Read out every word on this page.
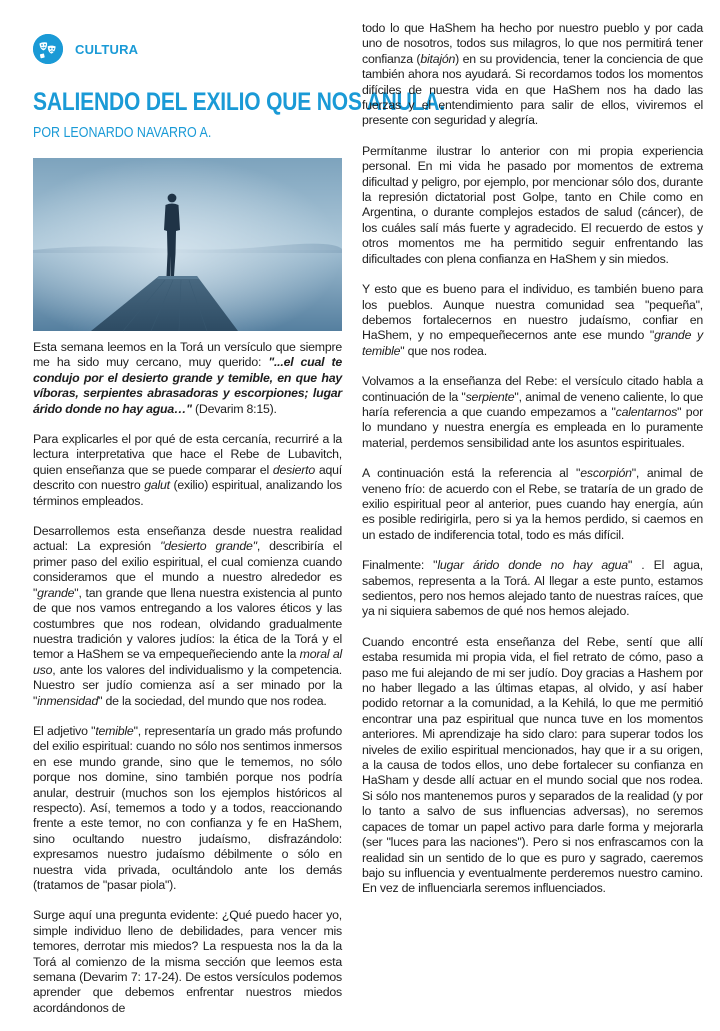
CULTURA
SALIENDO DEL EXILIO QUE NOS ANULA.
POR LEONARDO NAVARRO A.

Esta semana leemos en la Torá un versículo que siempre me ha sido muy cercano, muy querido: "...el cual te condujo por el desierto grande y temible, en que hay víboras, serpientes abrasadoras y escorpiones; lugar árido donde no hay agua…" (Devarim 8:15).

Para explicarles el por qué de esta cercanía, recurriré a la lectura interpretativa que hace el Rebe de Lubavitch, quien enseñanza que se puede comparar el desierto aquí descrito con nuestro galut (exilio) espiritual, analizando los términos empleados.

Desarrollemos esta enseñanza desde nuestra realidad actual: La expresión "desierto grande", describiría el primer paso del exilio espiritual, el cual comienza cuando consideramos que el mundo a nuestro alrededor es "grande", tan grande que llena nuestra existencia al punto de que nos vamos entregando a los valores éticos y las costumbres que nos rodean, olvidando gradualmente nuestra tradición y valores judíos: la ética de la Torá y el temor a HaShem se va empequeñeciendo ante la moral al uso, ante los valores del individualismo y la competencia. Nuestro ser judío comienza así a ser minado por la "inmensidad" de la sociedad, del mundo que nos rodea.

El adjetivo "temible", representaría un grado más profundo del exilio espiritual: cuando no sólo nos sentimos inmersos en ese mundo grande, sino que le tememos, no sólo porque nos domine, sino también porque nos podría anular, destruir (muchos son los ejemplos históricos al respecto). Así, tememos a todo y a todos, reaccionando frente a este temor, no con confianza y fe en HaShem, sino ocultando nuestro judaísmo, disfrazándolo: expresamos nuestro judaísmo débilmente o sólo en nuestra vida privada, ocultándolo ante los demás (tratamos de "pasar piola").

Surge aquí una pregunta evidente: ¿Qué puedo hacer yo, simple individuo lleno de debilidades, para vencer mis temores, derrotar mis miedos? La respuesta nos la da la Torá al comienzo de la misma sección que leemos esta semana (Devarim 7: 17-24). De estos versículos podemos aprender que debemos enfrentar nuestros miedos acordándonos de

todo lo que HaShem ha hecho por nuestro pueblo y por cada uno de nosotros, todos sus milagros, lo que nos permitirá tener confianza (bitajón) en su providencia, tener la conciencia de que también ahora nos ayudará. Si recordamos todos los momentos difíciles de nuestra vida en que HaShem nos ha dado las fuerzas y el entendimiento para salir de ellos, viviremos el presente con seguridad y alegría.

Permítanme ilustrar lo anterior con mi propia experiencia personal. En mi vida he pasado por momentos de extrema dificultad y peligro, por ejemplo, por mencionar sólo dos, durante la represión dictatorial post Golpe, tanto en Chile como en Argentina, o durante complejos estados de salud (cáncer), de los cuáles salí más fuerte y agradecido. El recuerdo de estos y otros momentos me ha permitido seguir enfrentando las dificultades con plena confianza en HaShem y sin miedos.

Y esto que es bueno para el individuo, es también bueno para los pueblos. Aunque nuestra comunidad sea "pequeña", debemos fortalecernos en nuestro judaísmo, confiar en HaShem, y no empequeñecernos ante ese mundo "grande y temible" que nos rodea.

Volvamos a la enseñanza del Rebe: el versículo citado habla a continuación de la "serpiente", animal de veneno caliente, lo que haría referencia a que cuando empezamos a "calentarnos" por lo mundano y nuestra energía es empleada en lo puramente material, perdemos sensibilidad ante los asuntos espirituales.

A continuación está la referencia al "escorpión", animal de veneno frío: de acuerdo con el Rebe, se trataría de un grado de exilio espiritual peor al anterior, pues cuando hay energía, aún es posible redirigirla, pero si ya la hemos perdido, si caemos en un estado de indiferencia total, todo es más difícil.

Finalmente: "lugar árido donde no hay agua" . El agua, sabemos, representa a la Torá. Al llegar a este punto, estamos sedientos, pero nos hemos alejado tanto de nuestras raíces, que ya ni siquiera sabemos de qué nos hemos alejado.

Cuando encontré esta enseñanza del Rebe, sentí que allí estaba resumida mi propia vida, el fiel retrato de cómo, paso a paso me fui alejando de mi ser judío. Doy gracias a Hashem por no haber llegado a las últimas etapas, al olvido, y así haber podido retornar a la comunidad, a la Kehilá, lo que me permitió encontrar una paz espiritual que nunca tuve en los momentos anteriores. Mi aprendizaje ha sido claro: para superar todos los niveles de exilio espiritual mencionados, hay que ir a su origen, a la causa de todos ellos, uno debe fortalecer su confianza en HaSham y desde allí actuar en el mundo social que nos rodea. Si sólo nos mantenemos puros y separados de la realidad (y por lo tanto a salvo de sus influencias adversas), no seremos capaces de tomar un papel activo para darle forma y mejorarla (ser "luces para las naciones"). Pero si nos enfrascamos con la realidad sin un sentido de lo que es puro y sagrado, caeremos bajo su influencia y eventualmente perderemos nuestro camino. En vez de influenciarla seremos influenciados.
